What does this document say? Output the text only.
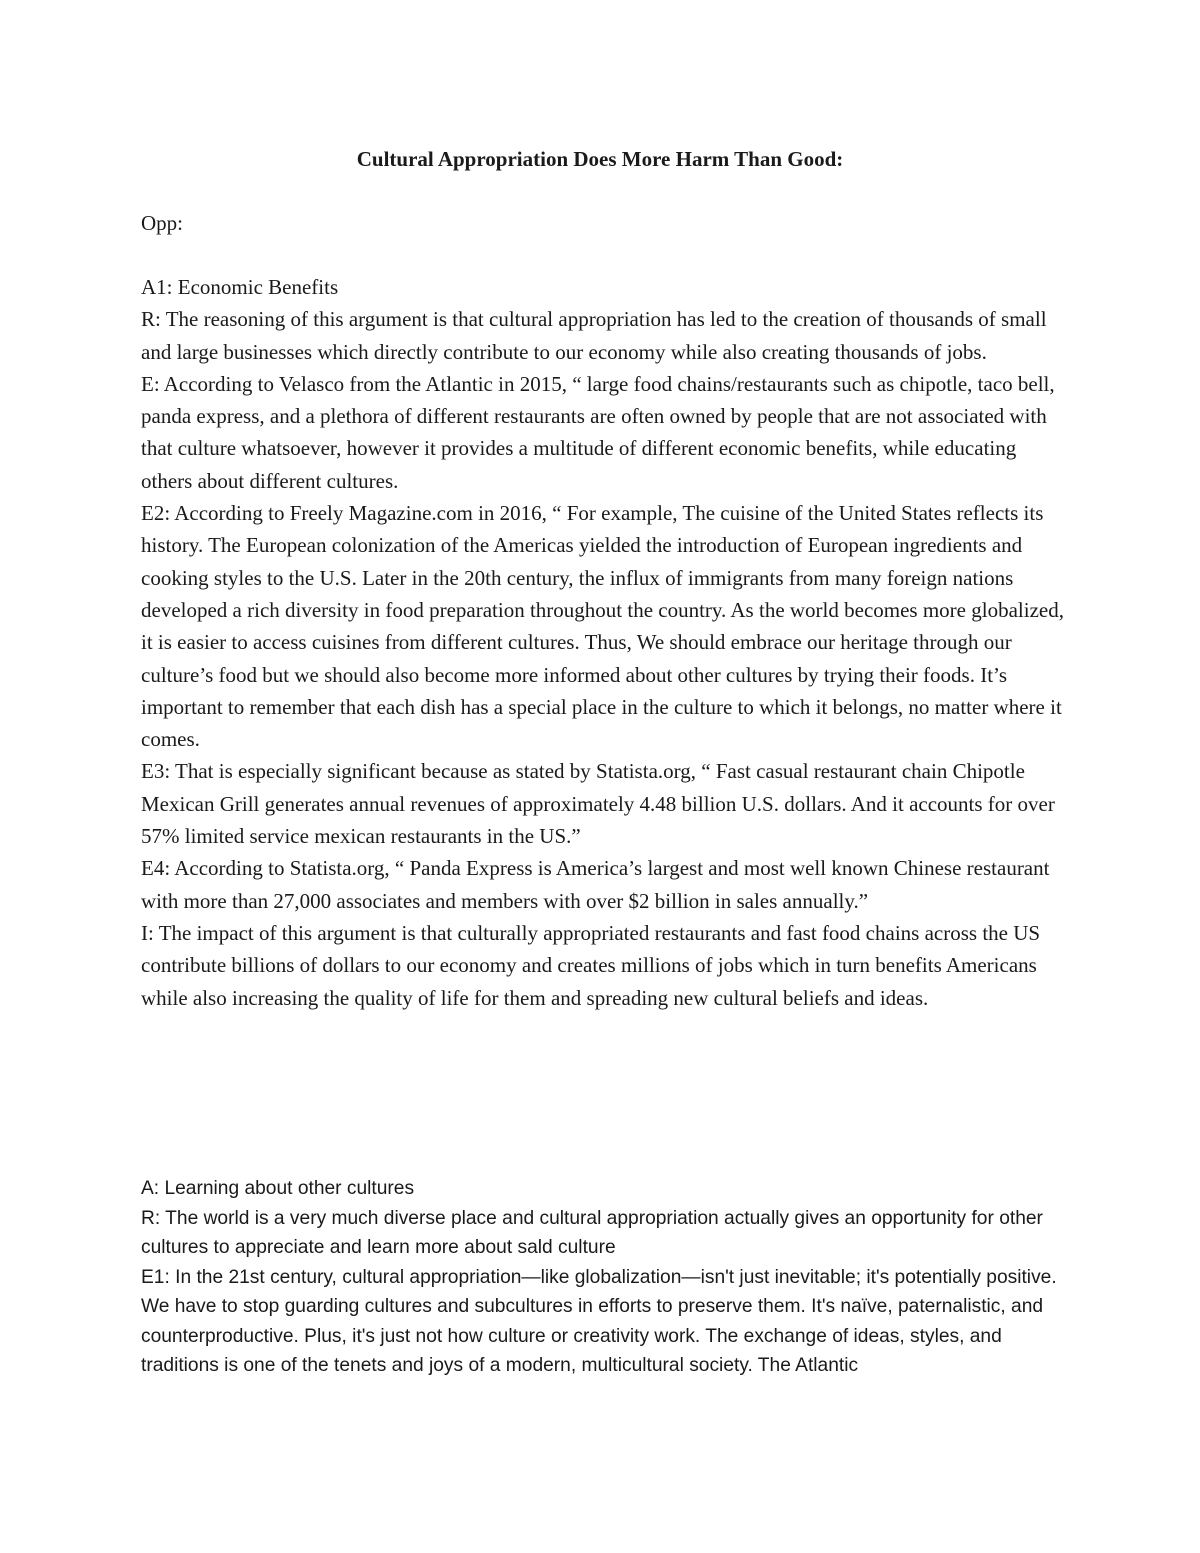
Cultural Appropriation Does More Harm Than Good:

Opp:

A1: Economic Benefits

R: The reasoning of this argument is that cultural appropriation has led to the creation of thousands of small and large businesses which directly contribute to our economy while also creating thousands of jobs.

E: According to Velasco from the Atlantic in 2015, “ large food chains/restaurants such as chipotle, taco bell, panda express, and a plethora of different restaurants are often owned by people that are not associated with that culture whatsoever, however it provides a multitude of different economic benefits, while educating others about different cultures.

E2: According to Freely Magazine.com in 2016, “ For example, The cuisine of the United States reflects its history. The European colonization of the Americas yielded the introduction of European ingredients and cooking styles to the U.S. Later in the 20th century, the influx of immigrants from many foreign nations developed a rich diversity in food preparation throughout the country. As the world becomes more globalized, it is easier to access cuisines from different cultures. Thus, We should embrace our heritage through our culture’s food but we should also become more informed about other cultures by trying their foods. It’s important to remember that each dish has a special place in the culture to which it belongs, no matter where it comes.

E3: That is especially significant because as stated by Statista.org, “ Fast casual restaurant chain Chipotle Mexican Grill generates annual revenues of approximately 4.48 billion U.S. dollars. And it accounts for over 57% limited service mexican restaurants in the US.”

E4: According to Statista.org, “ Panda Express is America’s largest and most well known Chinese restaurant with more than 27,000 associates and members with over $2 billion in sales annually.”

I: The impact of this argument is that culturally appropriated restaurants and fast food chains across the US contribute billions of dollars to our economy and creates millions of jobs which in turn benefits Americans while also increasing the quality of life for them and spreading new cultural beliefs and ideas.

A: Learning about other cultures

R: The world is a very much diverse place and cultural appropriation actually gives an opportunity for other cultures to appreciate and learn more about sald culture

E1: In the 21st century, cultural appropriation—like globalization—isn't just inevitable; it's potentially positive. We have to stop guarding cultures and subcultures in efforts to preserve them. It's naïve, paternalistic, and counterproductive. Plus, it's just not how culture or creativity work. The exchange of ideas, styles, and traditions is one of the tenets and joys of a modern, multicultural society. The Atlantic
